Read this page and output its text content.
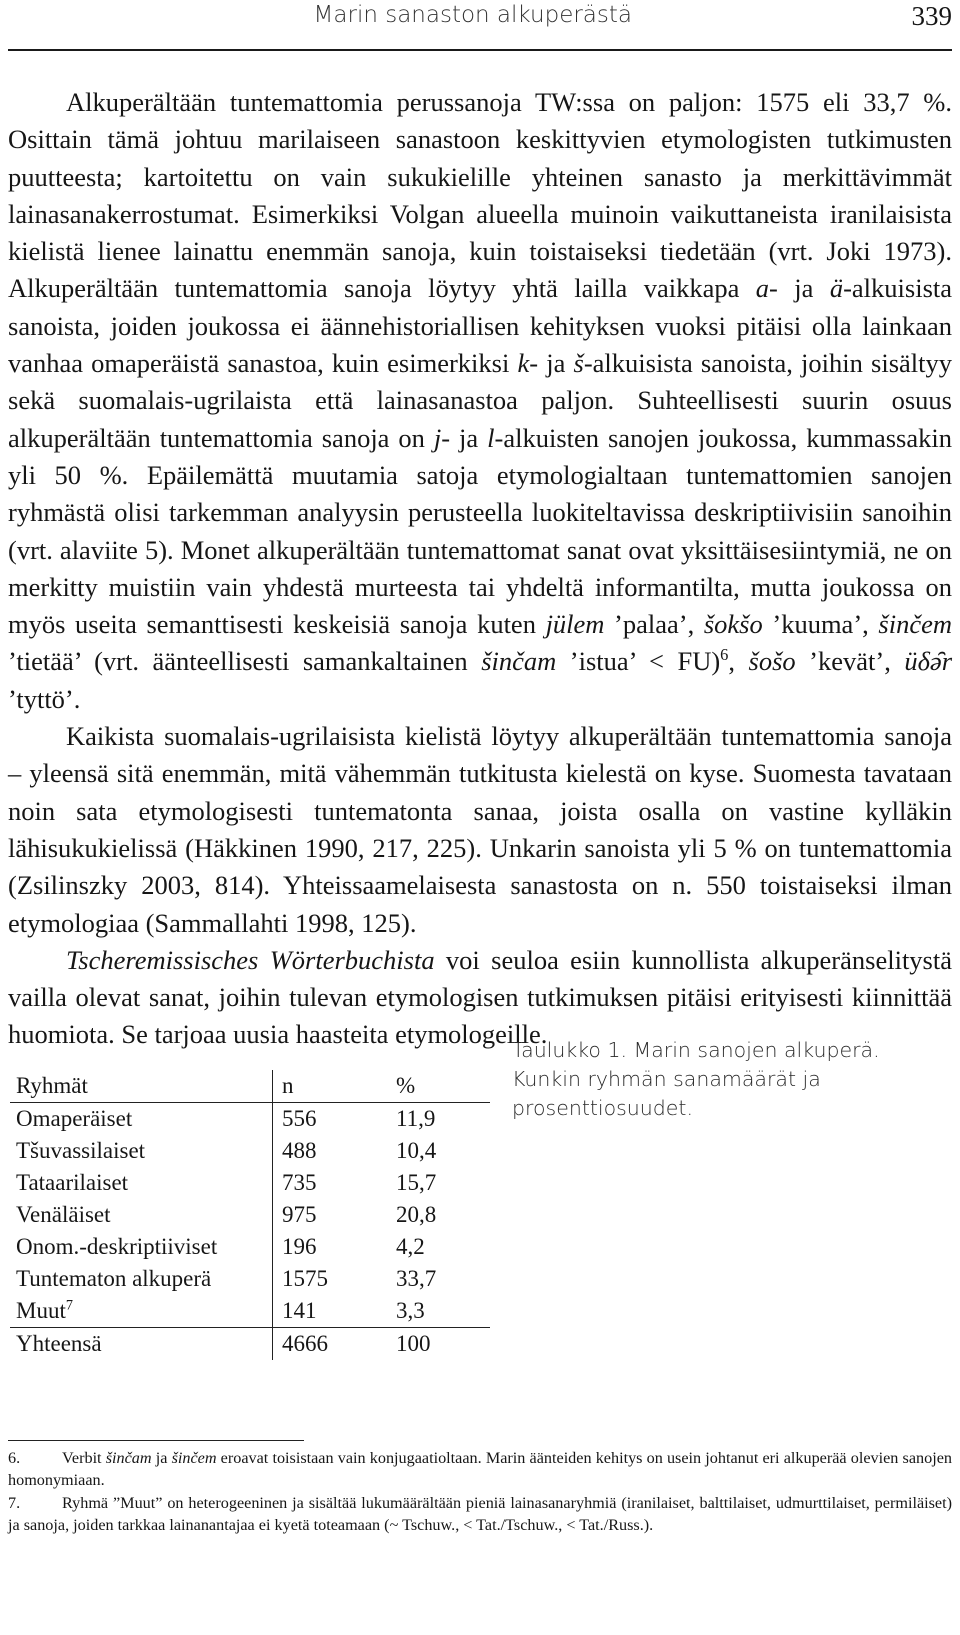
Marin sanaston alkuperästä	339

Alkuperältään tuntemattomia perussanoja TW:ssa on paljon: 1575 eli 33,7 %. Osittain tämä johtuu marilaiseen sanastoon keskittyvien etymologisten tutkimusten puutteesta; kartoitettu on vain sukukielille yhteinen sanasto ja merkittävimmät lainasanakerrostumat. Esimerkiksi Volgan alueella muinoin vaikuttaneista iranilaisista kielistä lienee lainattu enemmän sanoja, kuin toistaiseksi tiedetään (vrt. Joki 1973). Alkuperältään tuntemattomia sanoja löytyy yhtä lailla vaikkapa a- ja ä-alkuisista sanoista, joiden joukossa ei äännehistoriallisen kehityksen vuoksi pitäisi olla lainkaan vanhaa omaperäistä sanastoa, kuin esimerkiksi k- ja š-alkuisista sanoista, joihin sisältyy sekä suomalais-ugrilaista että lainasanastoa paljon. Suhteellisesti suurin osuus alkuperältään tuntemattomia sanoja on j- ja l-alkuisten sanojen joukossa, kummassakin yli 50 %. Epäilemättä muutamia satoja etymologialtaan tuntemattomien sanojen ryhmästä olisi tarkemman analyysin perusteella luokiteltavissa deskriptiivisiin sanoihin (vrt. alaviite 5). Monet alkuperältään tuntemattomat sanat ovat yksittäisesiintymiä, ne on merkitty muistiin vain yhdestä murteesta tai yhdeltä informantilta, mutta joukossa on myös useita semanttisesti keskeisiä sanoja kuten jülem ’palaa’, šokšo ’kuuma’, šinčem ’tietää’ (vrt. äänteellisesti samankaltainen šinčam ’istua’ < FU)$^6$, šošo ’kevät’, üδə̑r ’tyttö’.

Kaikista suomalais-ugrilaisista kielistä löytyy alkuperältään tuntemattomia sanoja – yleensä sitä enemmän, mitä vähemmän tutkitusta kielestä on kyse. Suomesta tavataan noin sata etymologisesti tuntematonta sanaa, joista osalla on vastine kylläkin lähisukukielissä (Häkkinen 1990, 217, 225). Unkarin sanoista yli 5 % on tuntemattomia (Zsilinszky 2003, 814). Yhteissaamelaisesta sanastosta on n. 550 toistaiseksi ilman etymologiaa (Sammallahti 1998, 125).

Tscheremissisches Wörterbuchista voi seuloa esiin kunnollista alkuperänselitystä vailla olevat sanat, joihin tulevan etymologisen tutkimuksen pitäisi erityisesti kiinnittää huomiota. Se tarjoaa uusia haasteita etymologeille.

Ryhmät	n	%
Omaperäiset	556	11,9
Tšuvassilaiset	488	10,4
Tataarilaiset	735	15,7
Venäläiset	975	20,8
Onom.-deskriptiiviset	196	4,2
Tuntematon alkuperä	1575	33,7
Muut$^7$	141	3,3
Yhteensä	4666	100
Taulukko 1. Marin sanojen alkuperä. Kunkin ryhmän sanamäärät ja prosenttiosuudet.

6.	Verbit šinčam ja šinčem eroavat toisistaan vain konjugaatioltaan. Marin äänteiden kehitys on usein johtanut eri alkuperää olevien sanojen homonymiaan.

7.	Ryhmä ”Muut” on heterogeeninen ja sisältää lukumäärältään pieniä lainasanaryhmiä (iranilaiset, balttilaiset, udmurttilaiset, permiläiset) ja sanoja, joiden tarkkaa lainanantajaa ei kyetä toteamaan (~ Tschuw., < Tat./Tschuw., < Tat./Russ.).
